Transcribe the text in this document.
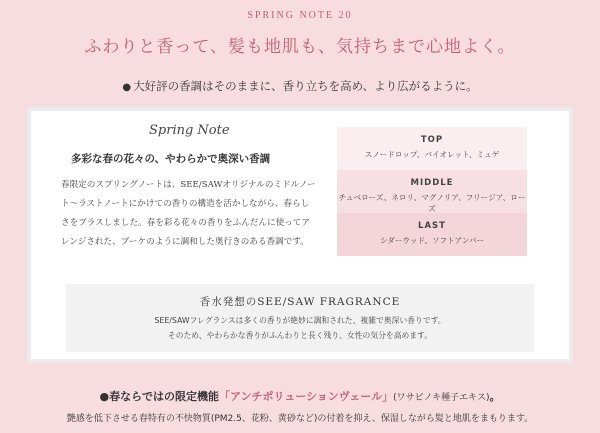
SPRING NOTE 20
ふわりと香って、髪も地肌も、気持ちまで心地よく。
● 大好評の香調はそのままに、香り立ちを高め、より広がるように。
Spring Note
多彩な春の花々の、やわらかで奥深い香調

春限定のスプリングノートは、SEE/SAWオリジナルのミドルノー

ト〜ラストノートにかけての香りの構造を活かしながら、春らし

さをプラスしました。春を彩る花々の香りをふんだんに使ってア

レンジされた、ブーケのように調和した奥行きのある香調です。

TOP
スノードロップ、バイオレット、ミュゲ
MIDDLE
チュベローズ、ネロリ、マグノリア、フリージア、ローズ
LAST
シダーウッド、ソフトアンバー
香水発想のSEE/SAW FRAGRANCE
SEE/SAWフレグランスは多くの香りが絶妙に調和された、複雑で奥深い香りです。
そのため、やわらかな香りがふんわりと長く残り、女性の気分を高めます。
●春ならではの限定機能「アンチポリューションヴェール」(ワサビノキ種子エキス)。
艶感を低下させる春特有の不快物質(PM2.5、花粉、黄砂など)の付着を抑え、保湿しながら髪と地肌をまもります。
